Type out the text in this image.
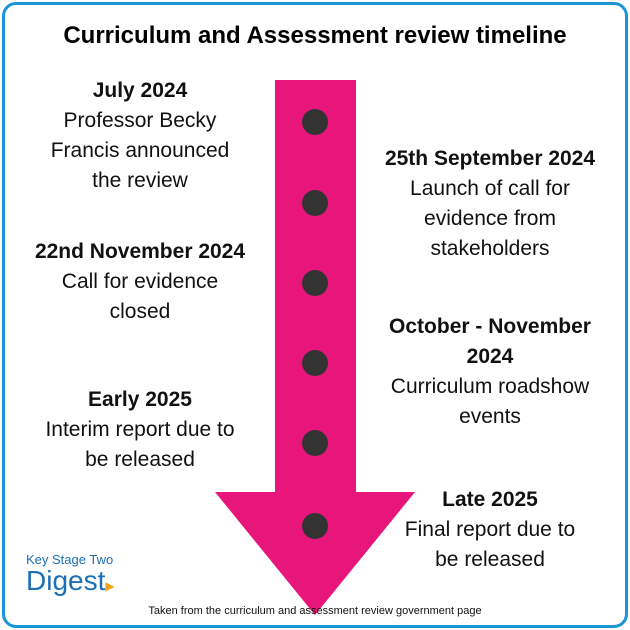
Curriculum and Assessment review timeline
July 2024
Professor Becky
Francis announced
the review
25th September 2024
Launch of call for
evidence from
stakeholders
22nd November 2024
Call for evidence
closed
October - November
2024
Curriculum roadshow
events
Early 2025
Interim report due to
be released
Late 2025
Final report due to
be released
Key Stage Two
Digest▶
Taken from the curriculum and assessment review government page
